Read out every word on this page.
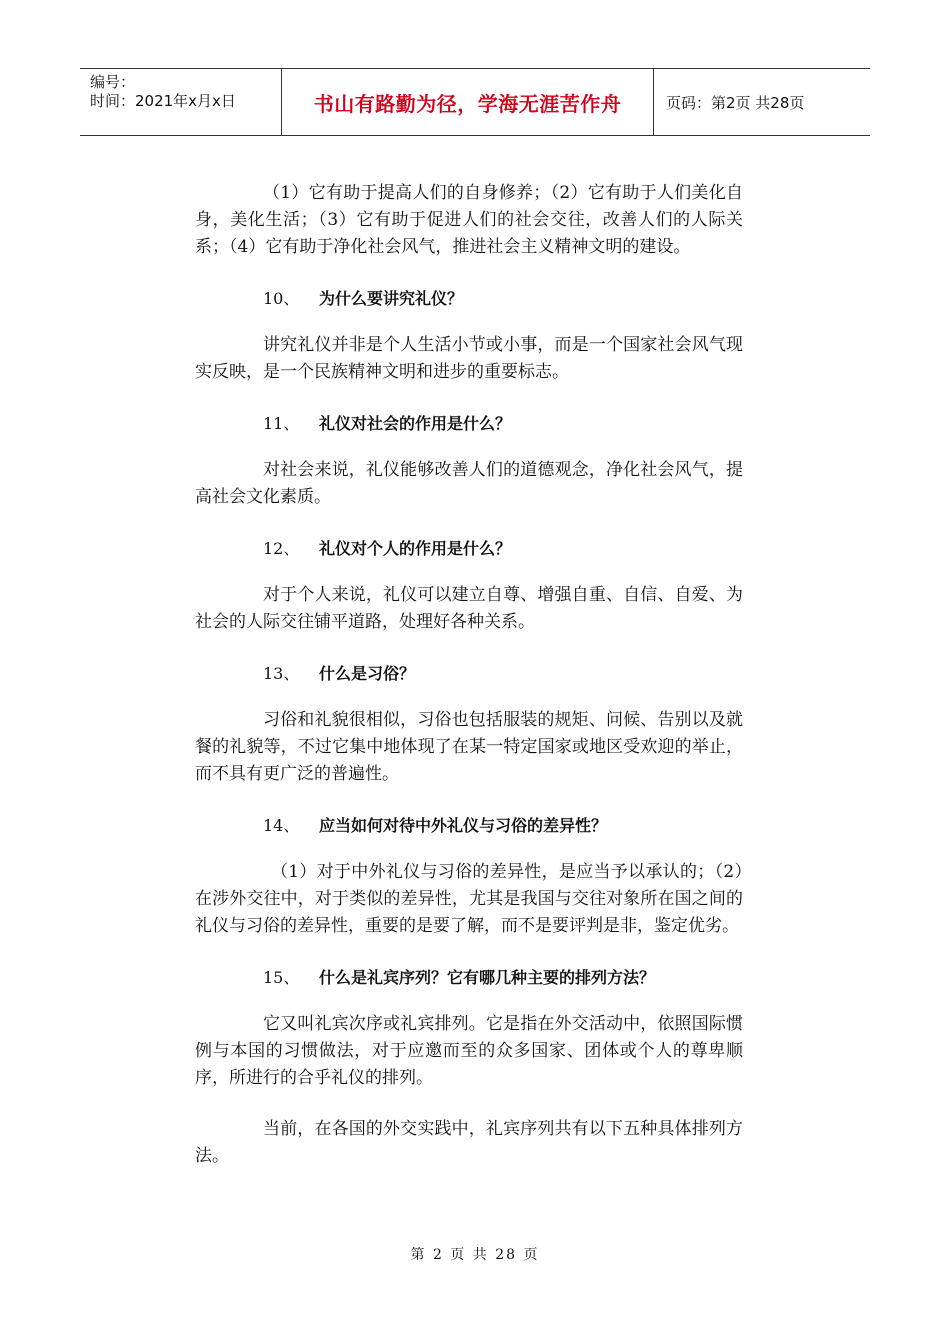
编号：
时间：2021年x月x日	书山有路勤为径，学海无涯苦作舟	页码：第2页 共28页

（1）它有助于提高人们的自身修养；（2）它有助于人们美化自身，美化生活；（3）它有助于促进人们的社会交往，改善人们的人际关系；（4）它有助于净化社会风气，推进社会主义精神文明的建设。

10、 为什么要讲究礼仪？

讲究礼仪并非是个人生活小节或小事，而是一个国家社会风气现实反映，是一个民族精神文明和进步的重要标志。

11、 礼仪对社会的作用是什么？

对社会来说，礼仪能够改善人们的道德观念，净化社会风气，提高社会文化素质。

12、 礼仪对个人的作用是什么？

对于个人来说，礼仪可以建立自尊、增强自重、自信、自爱、为社会的人际交往铺平道路，处理好各种关系。

13、 什么是习俗？

习俗和礼貌很相似，习俗也包括服装的规矩、问候、告别以及就餐的礼貌等，不过它集中地体现了在某一特定国家或地区受欢迎的举止，而不具有更广泛的普遍性。

14、 应当如何对待中外礼仪与习俗的差异性？

（1）对于中外礼仪与习俗的差异性，是应当予以承认的；（2）在涉外交往中，对于类似的差异性，尤其是我国与交往对象所在国之间的礼仪与习俗的差异性，重要的是要了解，而不是要评判是非，鉴定优劣。

15、 什么是礼宾序列？它有哪几种主要的排列方法？

它又叫礼宾次序或礼宾排列。它是指在外交活动中，依照国际惯例与本国的习惯做法，对于应邀而至的众多国家、团体或个人的尊卑顺序，所进行的合乎礼仪的排列。

当前，在各国的外交实践中，礼宾序列共有以下五种具体排列方法。

第 2 页 共 28 页
